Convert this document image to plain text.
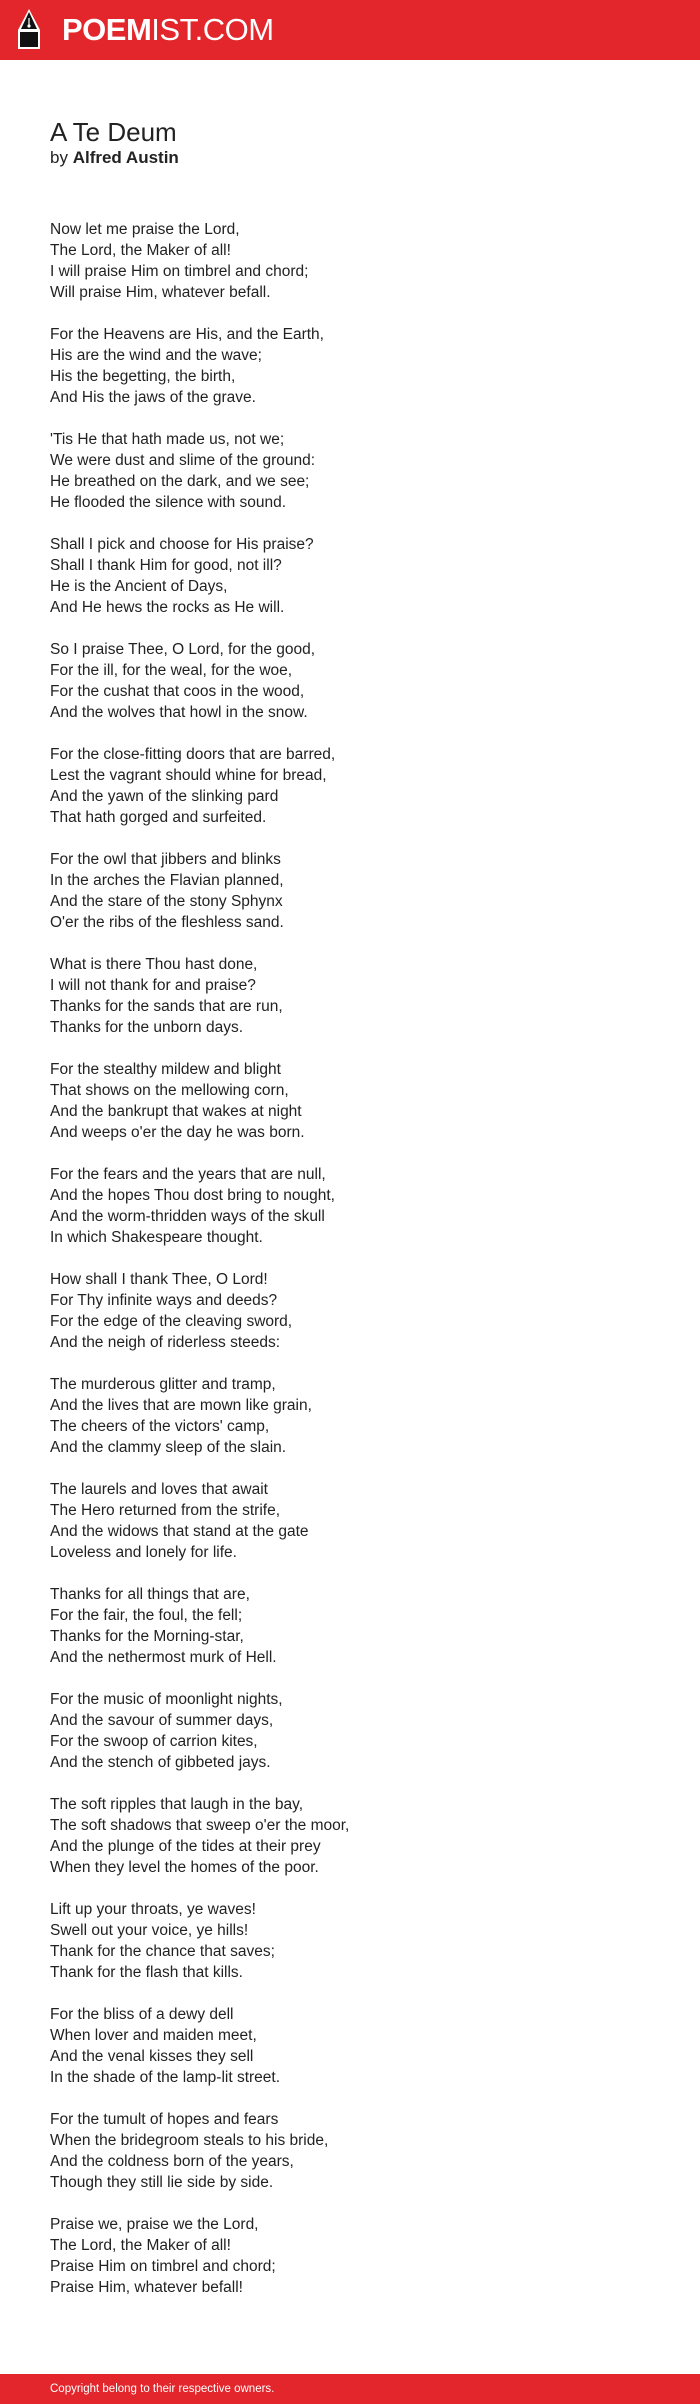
POEMIST.COM
A Te Deum
by Alfred Austin
Now let me praise the Lord,
The Lord, the Maker of all!
I will praise Him on timbrel and chord;
Will praise Him, whatever befall.
For the Heavens are His, and the Earth,
His are the wind and the wave;
His the begetting, the birth,
And His the jaws of the grave.
'Tis He that hath made us, not we;
We were dust and slime of the ground:
He breathed on the dark, and we see;
He flooded the silence with sound.
Shall I pick and choose for His praise?
Shall I thank Him for good, not ill?
He is the Ancient of Days,
And He hews the rocks as He will.
So I praise Thee, O Lord, for the good,
For the ill, for the weal, for the woe,
For the cushat that coos in the wood,
And the wolves that howl in the snow.
For the close-fitting doors that are barred,
Lest the vagrant should whine for bread,
And the yawn of the slinking pard
That hath gorged and surfeited.
For the owl that jibbers and blinks
In the arches the Flavian planned,
And the stare of the stony Sphynx
O'er the ribs of the fleshless sand.
What is there Thou hast done,
I will not thank for and praise?
Thanks for the sands that are run,
Thanks for the unborn days.
For the stealthy mildew and blight
That shows on the mellowing corn,
And the bankrupt that wakes at night
And weeps o'er the day he was born.
For the fears and the years that are null,
And the hopes Thou dost bring to nought,
And the worm-thridden ways of the skull
In which Shakespeare thought.
How shall I thank Thee, O Lord!
For Thy infinite ways and deeds?
For the edge of the cleaving sword,
And the neigh of riderless steeds:
The murderous glitter and tramp,
And the lives that are mown like grain,
The cheers of the victors' camp,
And the clammy sleep of the slain.
The laurels and loves that await
The Hero returned from the strife,
And the widows that stand at the gate
Loveless and lonely for life.
Thanks for all things that are,
For the fair, the foul, the fell;
Thanks for the Morning-star,
And the nethermost murk of Hell.
For the music of moonlight nights,
And the savour of summer days,
For the swoop of carrion kites,
And the stench of gibbeted jays.
The soft ripples that laugh in the bay,
The soft shadows that sweep o'er the moor,
And the plunge of the tides at their prey
When they level the homes of the poor.
Lift up your throats, ye waves!
Swell out your voice, ye hills!
Thank for the chance that saves;
Thank for the flash that kills.
For the bliss of a dewy dell
When lover and maiden meet,
And the venal kisses they sell
In the shade of the lamp-lit street.
For the tumult of hopes and fears
When the bridegroom steals to his bride,
And the coldness born of the years,
Though they still lie side by side.
Praise we, praise we the Lord,
The Lord, the Maker of all!
Praise Him on timbrel and chord;
Praise Him, whatever befall!
Copyright belong to their respective owners.
